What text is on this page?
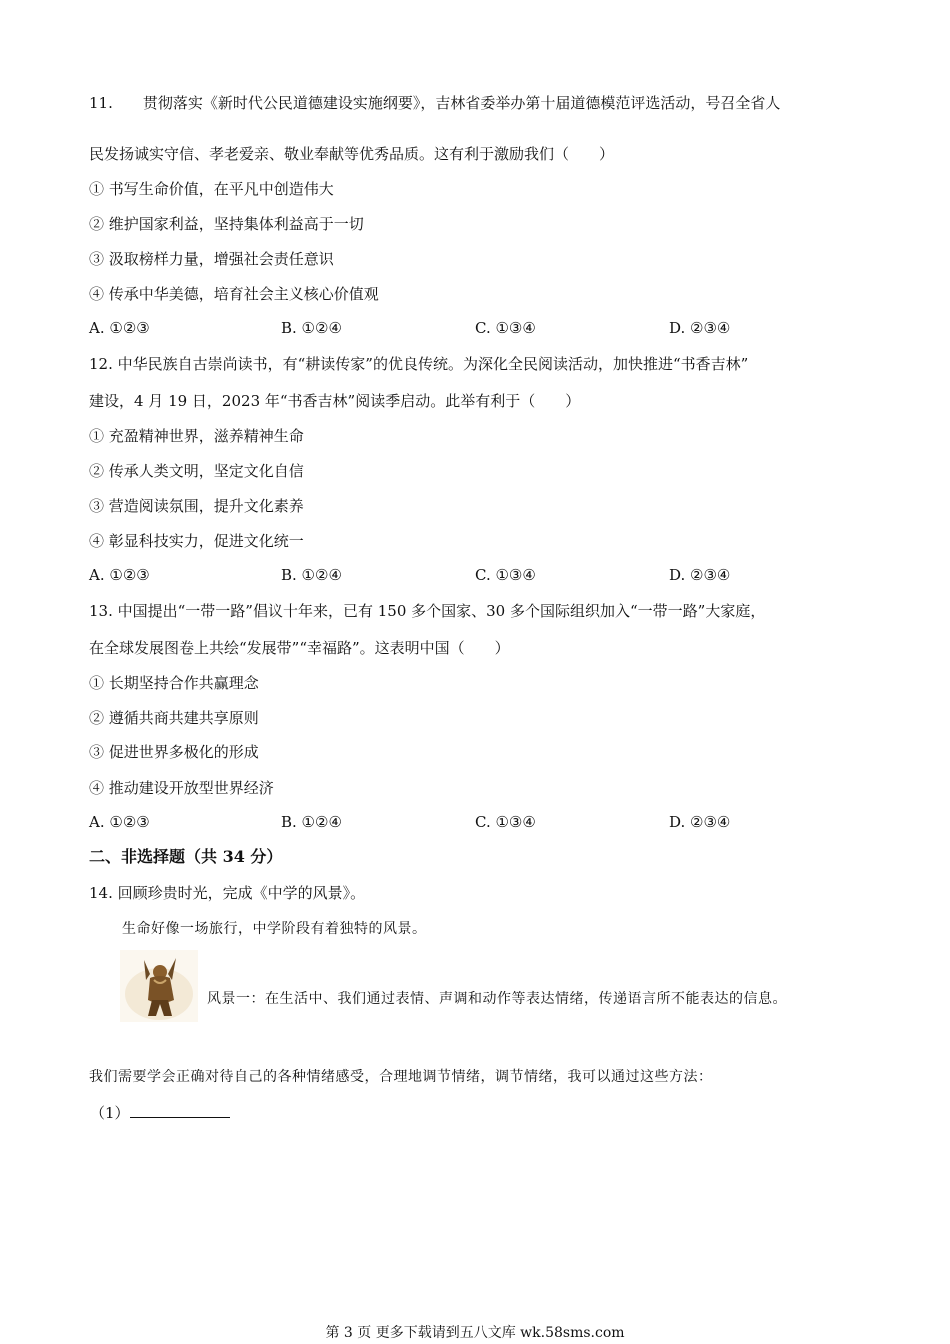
11.　　贯彻落实《新时代公民道德建设实施纲要》，吉林省委举办第十届道德模范评选活动，号召全省人
民发扬诚实守信、孝老爱亲、敬业奉献等优秀品质。这有利于激励我们（　　）
① 书写生命价值，在平凡中创造伟大
② 维护国家利益，坚持集体利益高于一切
③ 汲取榜样力量，增强社会责任意识
④ 传承中华美德，培育社会主义核心价值观
A. ①②③	B. ①②④	C. ①③④	D. ②③④
12. 中华民族自古崇尚读书，有“耕读传家”的优良传统。为深化全民阅读活动，加快推进“书香吉林”
建设，4 月 19 日，2023 年“书香吉林”阅读季启动。此举有利于（　　）
① 充盈精神世界，滋养精神生命
② 传承人类文明，坚定文化自信
③ 营造阅读氛围，提升文化素养
④ 彰显科技实力，促进文化统一
A. ①②③	B. ①②④	C. ①③④	D. ②③④
13. 中国提出“一带一路”倡议十年来，已有 150 多个国家、30 多个国际组织加入“一带一路”大家庭，
在全球发展图卷上共绘“发展带”“幸福路”。这表明中国（　　）
① 长期坚持合作共赢理念
② 遵循共商共建共享原则
③ 促进世界多极化的形成
④ 推动建设开放型世界经济
A. ①②③	B. ①②④	C. ①③④	D. ②③④
二、非选择题（共 34 分）
14. 回顾珍贵时光，完成《中学的风景》。
生命好像一场旅行，中学阶段有着独特的风景。
风景一：在生活中、我们通过表情、声调和动作等表达情绪，传递语言所不能表达的信息。
我们需要学会正确对待自己的各种情绪感受，合理地调节情绪，调节情绪，我可以通过这些方法：
（1）
第 3 页 更多下载请到五八文库 wk.58sms.com
